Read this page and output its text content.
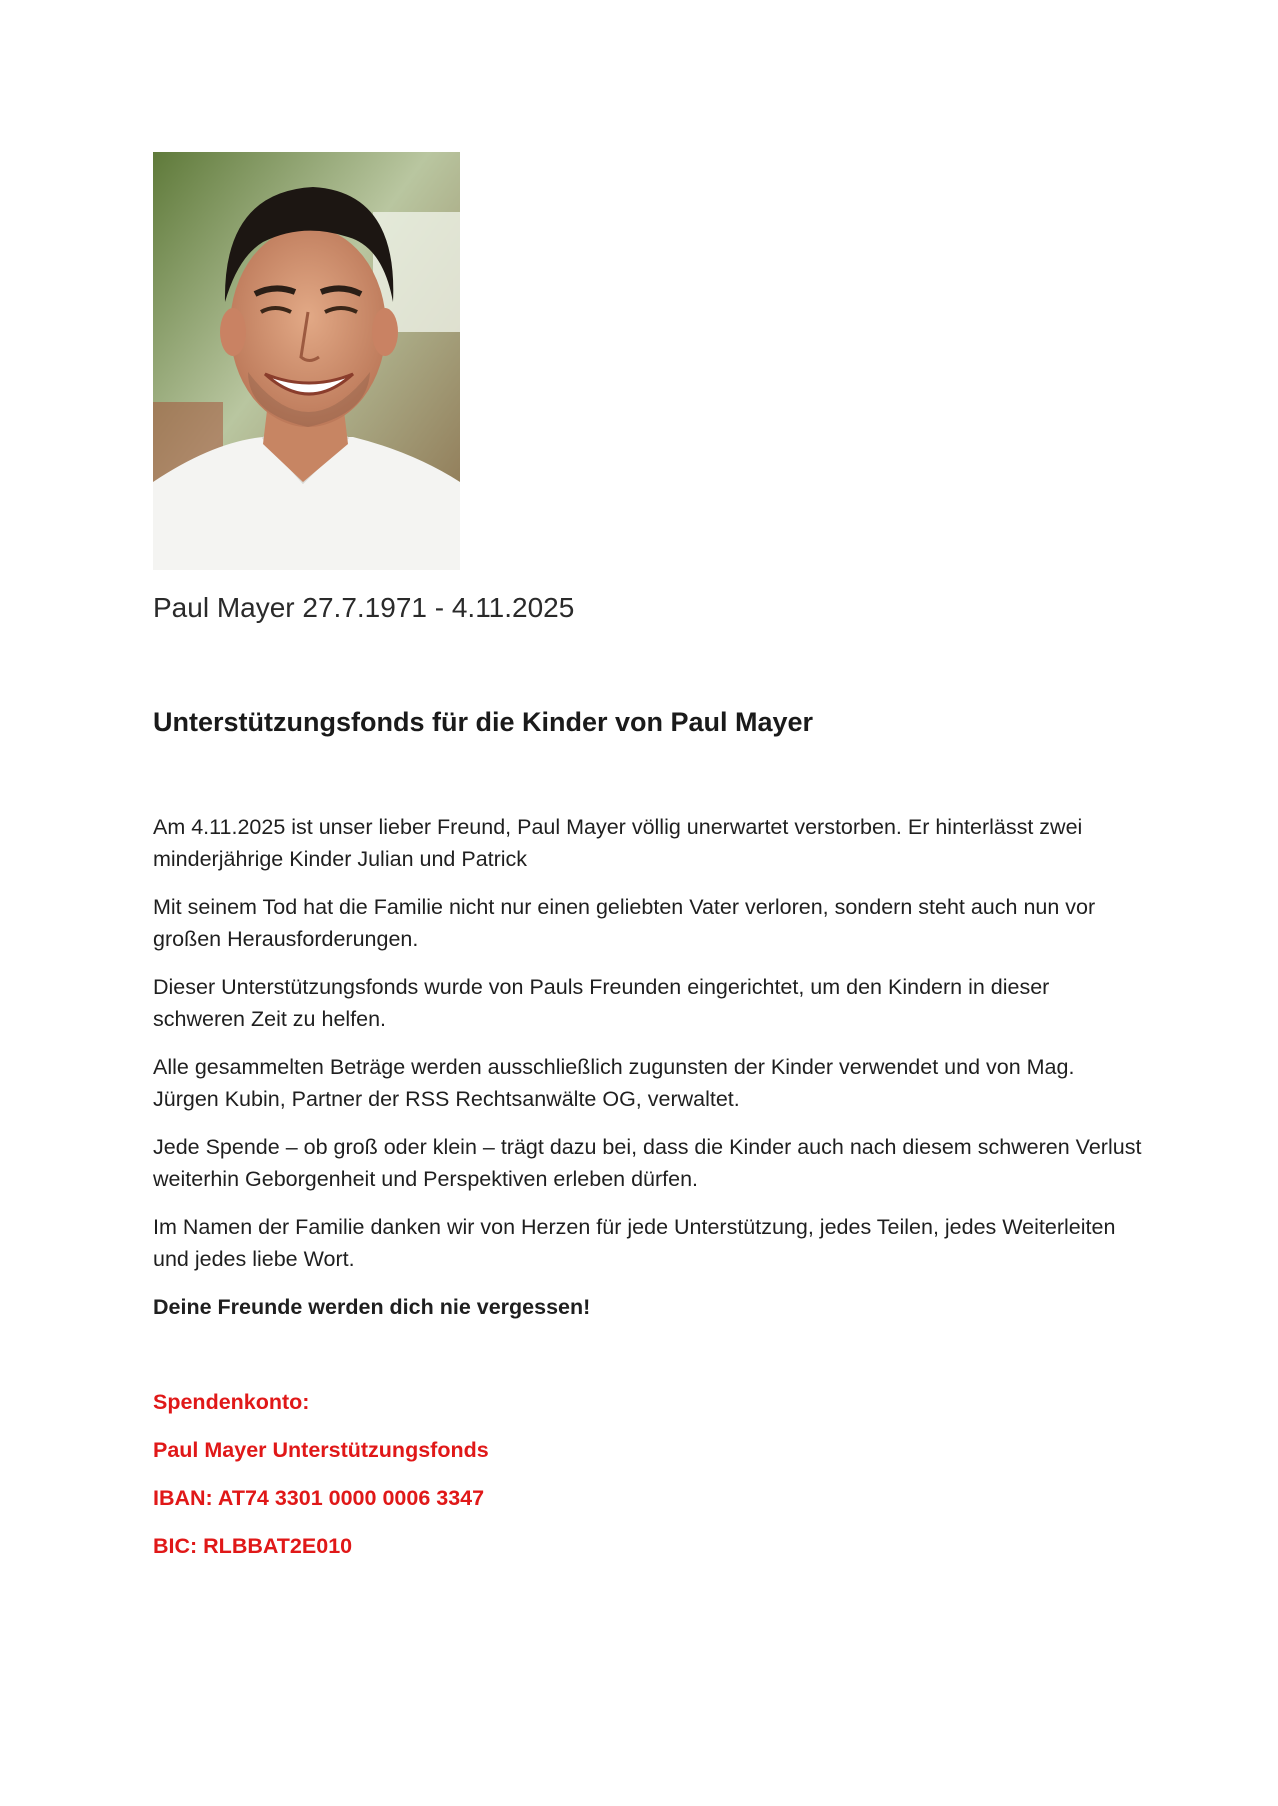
Paul Mayer 27.7.1971 - 4.11.2025

Unterstützungsfonds für die Kinder von Paul Mayer

Am 4.11.2025 ist unser lieber Freund, Paul Mayer völlig unerwartet verstorben. Er hinterlässt zwei minderjährige Kinder Julian und Patrick

Mit seinem Tod hat die Familie nicht nur einen geliebten Vater verloren, sondern steht auch nun vor großen Herausforderungen.

Dieser Unterstützungsfonds wurde von Pauls Freunden eingerichtet, um den Kindern in dieser schweren Zeit zu helfen.

Alle gesammelten Beträge werden ausschließlich zugunsten der Kinder verwendet und von Mag. Jürgen Kubin, Partner der RSS Rechtsanwälte OG, verwaltet.

Jede Spende – ob groß oder klein – trägt dazu bei, dass die Kinder auch nach diesem schweren Verlust weiterhin Geborgenheit und Perspektiven erleben dürfen.

Im Namen der Familie danken wir von Herzen für jede Unterstützung, jedes Teilen, jedes Weiterleiten und jedes liebe Wort.

Deine Freunde werden dich nie vergessen!

Spendenkonto:

Paul Mayer Unterstützungsfonds

IBAN: AT74 3301 0000 0006 3347

BIC: RLBBAT2E010
